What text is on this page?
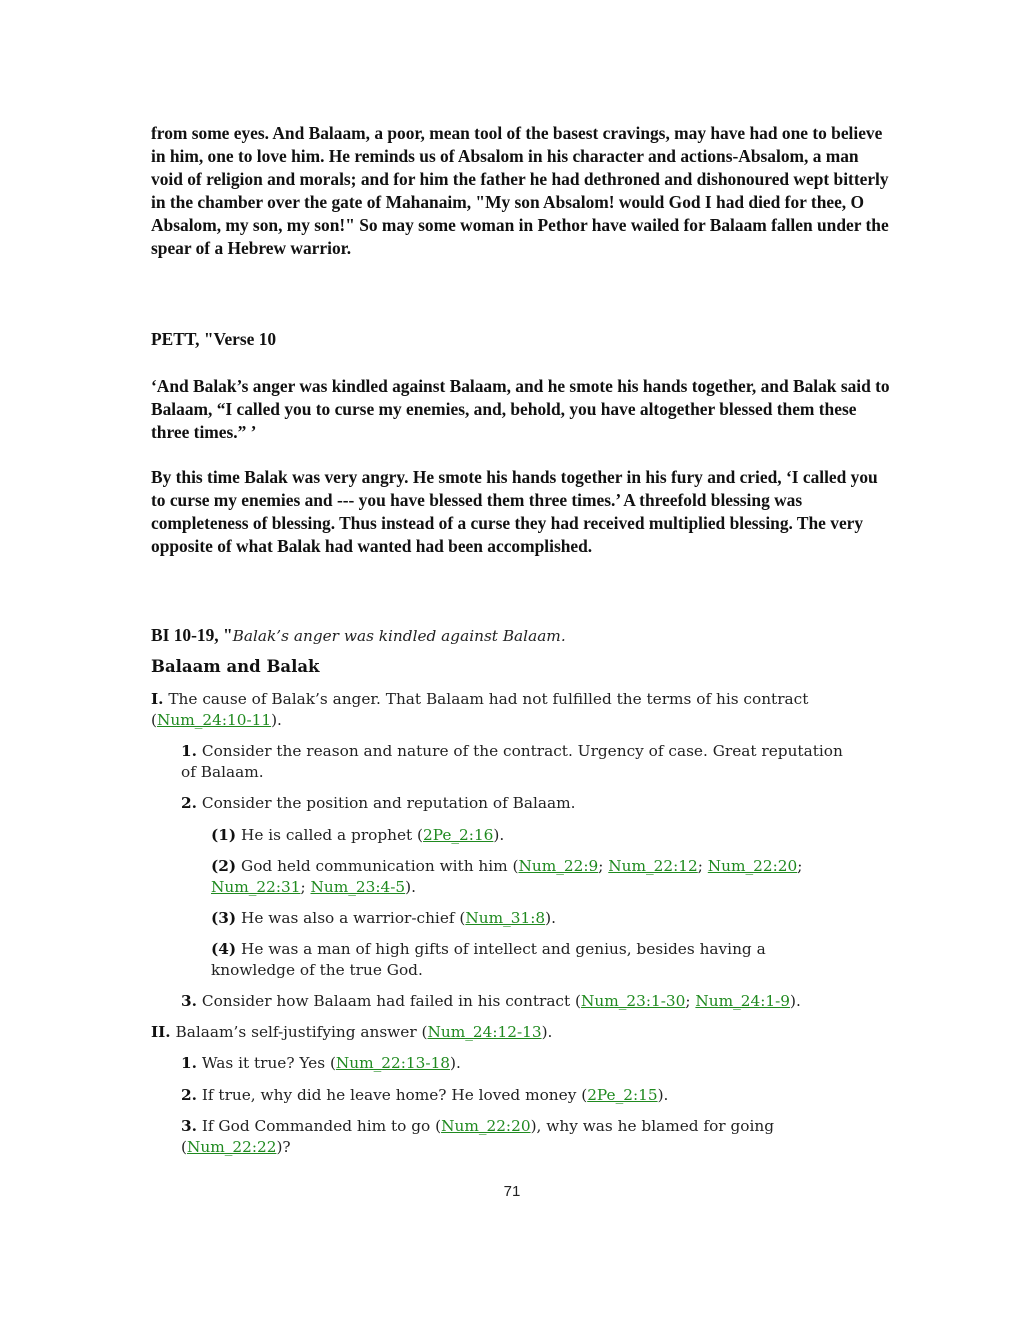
from some eyes. And Balaam, a poor, mean tool of the basest cravings, may have had one to believe in him, one to love him. He reminds us of Absalom in his character and actions-Absalom, a man void of religion and morals; and for him the father he had dethroned and dishonoured wept bitterly in the chamber over the gate of Mahanaim, "My son Absalom! would God I had died for thee, O Absalom, my son, my son!" So may some woman in Pethor have wailed for Balaam fallen under the spear of a Hebrew warrior.
PETT, "Verse 10
‘And Balak’s anger was kindled against Balaam, and he smote his hands together, and Balak said to Balaam, “I called you to curse my enemies, and, behold, you have altogether blessed them these three times.” ’
By this time Balak was very angry. He smote his hands together in his fury and cried, ‘I called you to curse my enemies and --- you have blessed them three times.’ A threefold blessing was completeness of blessing. Thus instead of a curse they had received multiplied blessing. The very opposite of what Balak had wanted had been accomplished.
BI 10-19, "Balak’s anger was kindled against Balaam.
Balaam and Balak
I. The cause of Balak’s anger. That Balaam had not fulfilled the terms of his contract
(Num_24:10-11).
1. Consider the reason and nature of the contract. Urgency of case. Great reputation
of Balaam.
2. Consider the position and reputation of Balaam.
(1) He is called a prophet (2Pe_2:16).
(2) God held communication with him (Num_22:9; Num_22:12; Num_22:20;
Num_22:31; Num_23:4-5).
(3) He was also a warrior-chief (Num_31:8).
(4) He was a man of high gifts of intellect and genius, besides having a
knowledge of the true God.
3. Consider how Balaam had failed in his contract (Num_23:1-30; Num_24:1-9).
II. Balaam’s self-justifying answer (Num_24:12-13).
1. Was it true? Yes (Num_22:13-18).
2. If true, why did he leave home? He loved money (2Pe_2:15).
3. If God Commanded him to go (Num_22:20), why was he blamed for going
(Num_22:22)?
71
